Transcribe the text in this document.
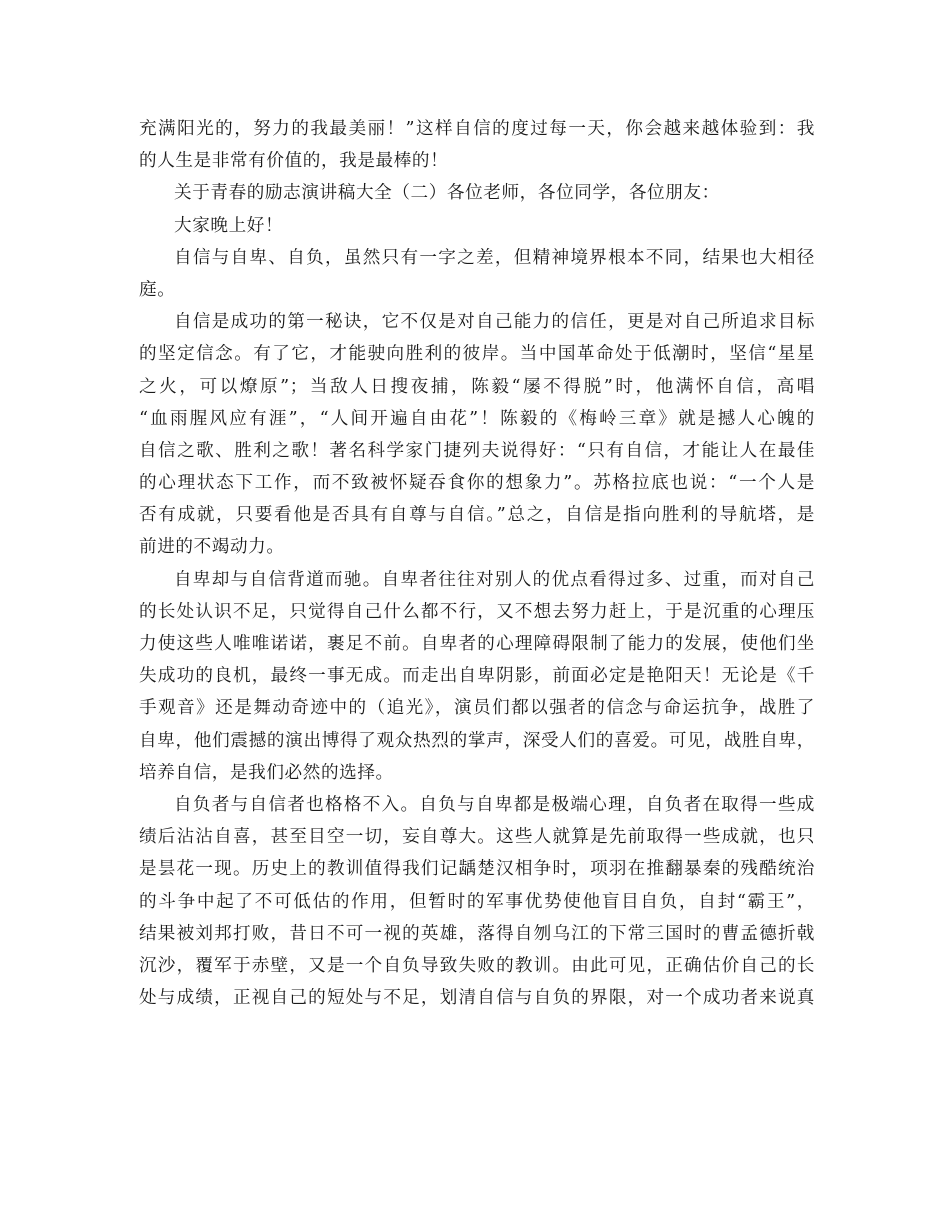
充满阳光的，努力的我最美丽！”这样自信的度过每一天，你会越来越体验到：我
的人生是非常有价值的，我是最棒的！
关于青春的励志演讲稿大全（二）各位老师，各位同学，各位朋友：
大家晚上好！
自信与自卑、自负，虽然只有一字之差，但精神境界根本不同，结果也大相径
庭。
自信是成功的第一秘诀，它不仅是对自己能力的信任，更是对自己所追求目标
的坚定信念。有了它，才能驶向胜利的彼岸。当中国革命处于低潮时，坚信“星星
之火，可以燎原”；当敌人日搜夜捕，陈毅“屡不得脱”时，他满怀自信，高唱
“血雨腥风应有涯”，“人间开遍自由花”！陈毅的《梅岭三章》就是撼人心魄的
自信之歌、胜利之歌！著名科学家门捷列夫说得好：“只有自信，才能让人在最佳
的心理状态下工作，而不致被怀疑吞食你的想象力”。苏格拉底也说：“一个人是
否有成就，只要看他是否具有自尊与自信。”总之，自信是指向胜利的导航塔，是
前进的不竭动力。
自卑却与自信背道而驰。自卑者往往对别人的优点看得过多、过重，而对自己
的长处认识不足，只觉得自己什么都不行，又不想去努力赶上，于是沉重的心理压
力使这些人唯唯诺诺，裹足不前。自卑者的心理障碍限制了能力的发展，使他们坐
失成功的良机，最终一事无成。而走出自卑阴影，前面必定是艳阳天！无论是《千
手观音》还是舞动奇迹中的（追光》，演员们都以强者的信念与命运抗争，战胜了
自卑，他们震撼的演出博得了观众热烈的掌声，深受人们的喜爱。可见，战胜自卑，
培养自信，是我们必然的选择。
自负者与自信者也格格不入。自负与自卑都是极端心理，自负者在取得一些成
绩后沾沾自喜，甚至目空一切，妄自尊大。这些人就算是先前取得一些成就，也只
是昙花一现。历史上的教训值得我们记龋楚汉相争时，项羽在推翻暴秦的残酷统治
的斗争中起了不可低估的作用，但暂时的军事优势使他盲目自负，自封“霸王”，
结果被刘邦打败，昔日不可一视的英雄，落得自刎乌江的下常三国时的曹孟德折戟
沉沙，覆军于赤壁，又是一个自负导致失败的教训。由此可见，正确估价自己的长
处与成绩，正视自己的短处与不足，划清自信与自负的界限，对一个成功者来说真
